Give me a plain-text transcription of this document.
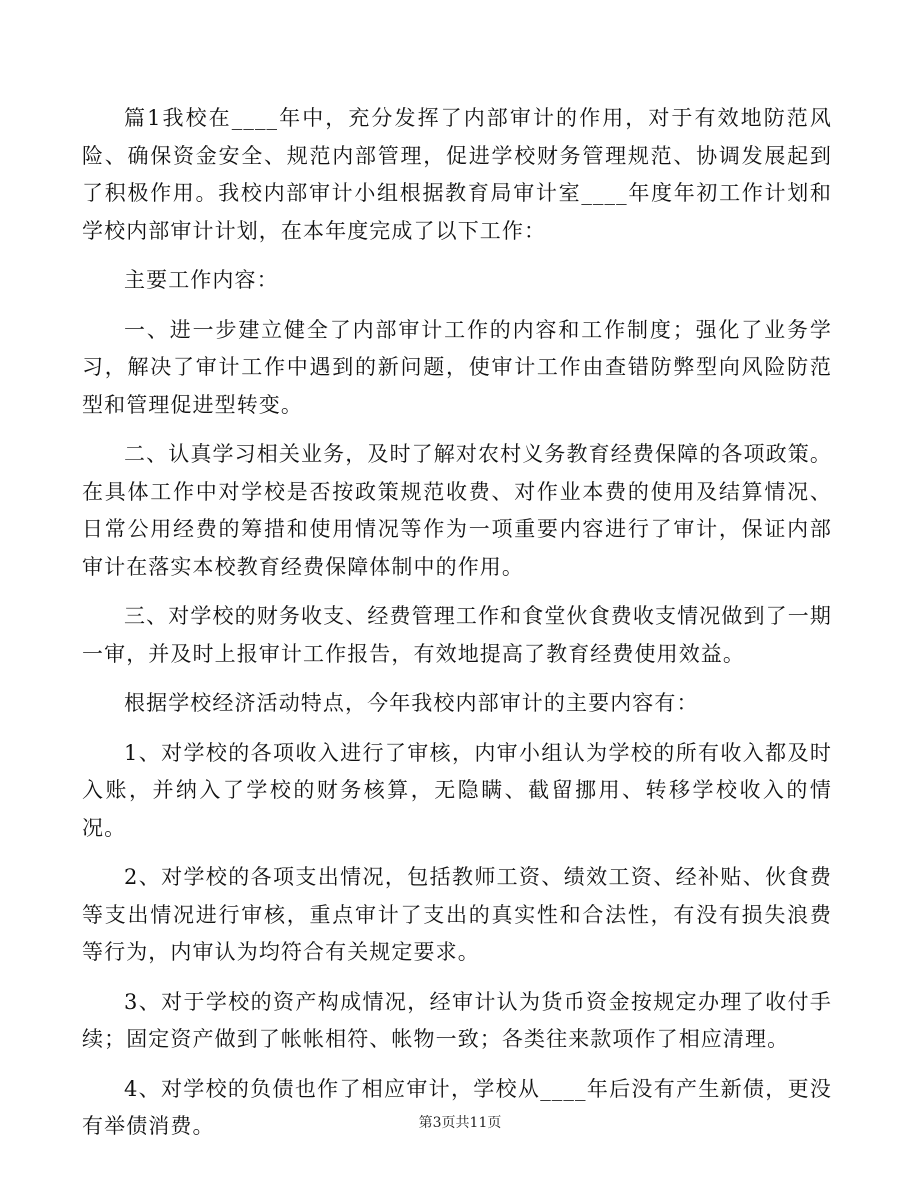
篇1我校在____年中，充分发挥了内部审计的作用，对于有效地防范风险、确保资金安全、规范内部管理，促进学校财务管理规范、协调发展起到了积极作用。我校内部审计小组根据教育局审计室____年度年初工作计划和学校内部审计计划，在本年度完成了以下工作：

主要工作内容：

一、进一步建立健全了内部审计工作的内容和工作制度；强化了业务学习，解决了审计工作中遇到的新问题，使审计工作由查错防弊型向风险防范型和管理促进型转变。

二、认真学习相关业务，及时了解对农村义务教育经费保障的各项政策。在具体工作中对学校是否按政策规范收费、对作业本费的使用及结算情况、日常公用经费的筹措和使用情况等作为一项重要内容进行了审计，保证内部审计在落实本校教育经费保障体制中的作用。

三、对学校的财务收支、经费管理工作和食堂伙食费收支情况做到了一期一审，并及时上报审计工作报告，有效地提高了教育经费使用效益。

根据学校经济活动特点，今年我校内部审计的主要内容有：

1、对学校的各项收入进行了审核，内审小组认为学校的所有收入都及时入账，并纳入了学校的财务核算，无隐瞒、截留挪用、转移学校收入的情况。

2、对学校的各项支出情况，包括教师工资、绩效工资、经补贴、伙食费等支出情况进行审核，重点审计了支出的真实性和合法性，有没有损失浪费等行为，内审认为均符合有关规定要求。

3、对于学校的资产构成情况，经审计认为货币资金按规定办理了收付手续；固定资产做到了帐帐相符、帐物一致；各类往来款项作了相应清理。

4、对学校的负债也作了相应审计，学校从____年后没有产生新债，更没有举债消费。	第3页共11页
